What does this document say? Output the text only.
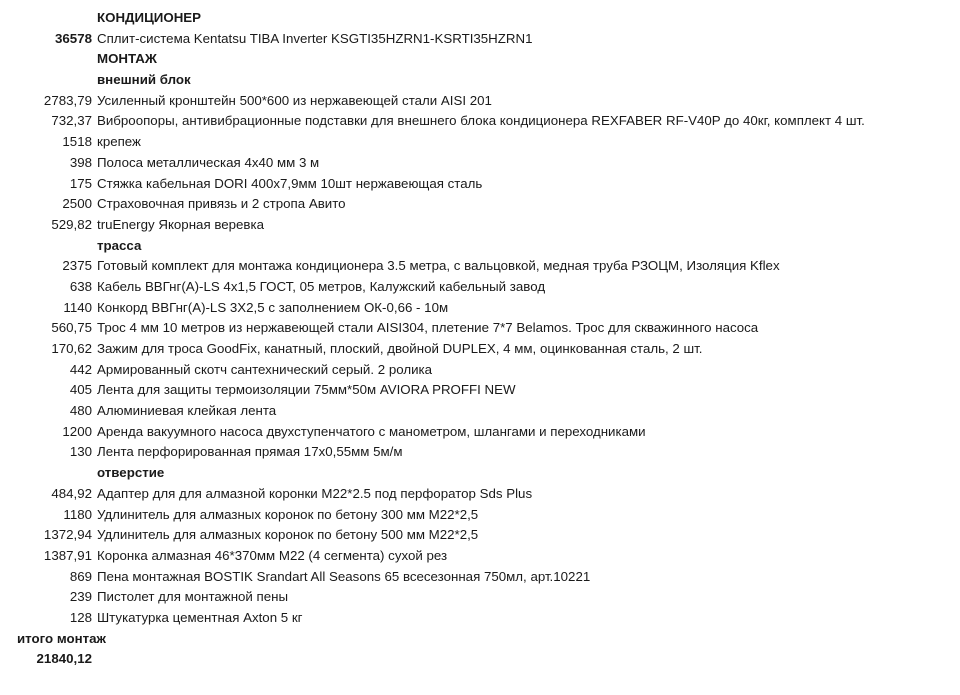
КОНДИЦИОНЕР
36578 Сплит-система Kentatsu TIBA Inverter KSGTI35HZRN1-KSRTI35HZRN1
МОНТАЖ
внешний блок
2783,79 Усиленный кронштейн 500*600 из нержавеющей стали AISI 201
732,37 Виброопоры, антивибрационные подставки для внешнего блока кондиционера REXFABER RF-V40P до 40кг, комплект 4 шт.
1518 крепеж
398 Полоса металлическая 4х40 мм 3 м
175 Стяжка кабельная DORI 400х7,9мм 10шт нержавеющая сталь
2500 Страховочная привязь и 2 стропа Авито
529,82 truEnergy Якорная веревка
трасса
2375 Готовый комплект для монтажа кондиционера 3.5 метра, с вальцовкой, медная труба РЗОЦМ, Изоляция Kflex
638 Кабель ВВГнг(А)-LS 4х1,5 ГОСТ, 05 метров, Калужский кабельный завод
1140 Конкорд ВВГнг(А)-LS 3Х2,5 с заполнением ОК-0,66 - 10м
560,75 Трос 4 мм 10 метров из нержавеющей стали AISI304, плетение 7*7 Belamos. Трос для скважинного насоса
170,62 Зажим для троса GoodFix, канатный, плоский, двойной DUPLEX, 4 мм, оцинкованная сталь, 2 шт.
442 Армированный скотч сантехнический серый. 2 ролика
405 Лента для защиты термоизоляции 75мм*50м AVIORA PROFFI NEW
480 Алюминиевая клейкая лента
1200 Аренда вакуумного насоса двухступенчатого с манометром, шлангами и переходниками
130 Лента перфорированная прямая 17х0,55мм 5м/м
отверстие
484,92 Адаптер для для алмазной коронки М22*2.5 под перфоратор Sds Plus
1180 Удлинитель для алмазных коронок по бетону 300 мм М22*2,5
1372,94 Удлинитель для алмазных коронок по бетону 500 мм М22*2,5
1387,91 Коронка алмазная 46*370мм М22 (4 сегмента) сухой рез
869 Пена монтажная BOSTIK Srandart All Seasons 65 всесезонная 750мл, арт.10221
239 Пистолет для монтажной пены
128 Штукатурка цементная Axton 5 кг
итого монтаж
21840,12
